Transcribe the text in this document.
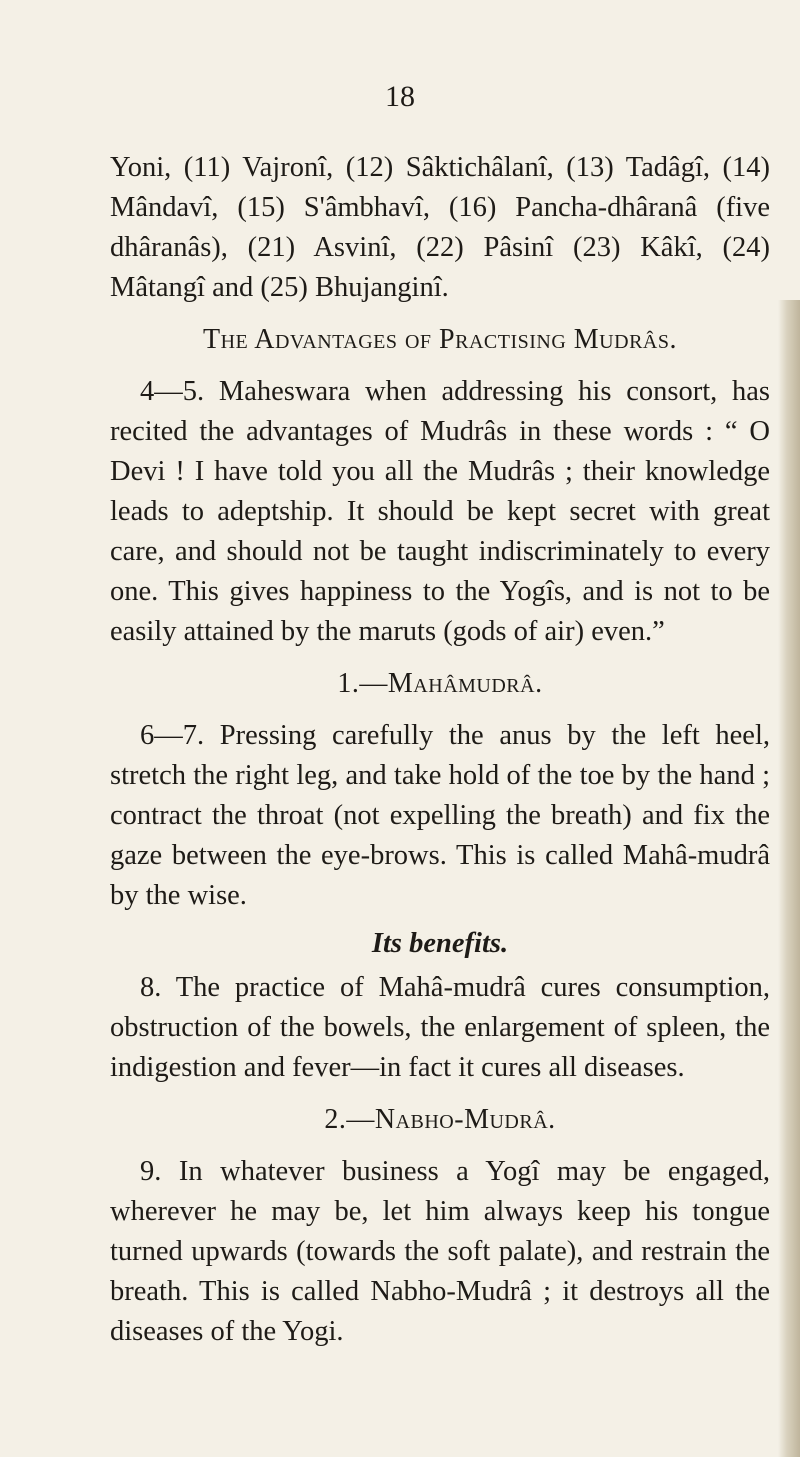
18

Yoni, (11) Vajronî, (12) Sâktichâlanî, (13) Tadâgî, (14) Mândavî, (15) S'âmbhavî, (16) Pancha-dhâranâ (five dhâranâs), (21) Asvinî, (22) Pâsinî (23) Kâkî, (24) Mâtangî and (25) Bhujanginî.

The Advantages of Practising Mudrâs.

4—5. Maheswara when addressing his consort, has recited the advantages of Mudrâs in these words : “ O Devi ! I have told you all the Mudrâs ; their knowledge leads to adeptship. It should be kept secret with great care, and should not be taught indiscriminately to every one. This gives happiness to the Yogîs, and is not to be easily attained by the maruts (gods of air) even.”

1.—Mahâmudrâ.

6—7. Pressing carefully the anus by the left heel, stretch the right leg, and take hold of the toe by the hand ; contract the throat (not expelling the breath) and fix the gaze between the eye-brows. This is called Mahâ-mudrâ by the wise.

Its benefits.

8. The practice of Mahâ-mudrâ cures consumption, obstruction of the bowels, the enlargement of spleen, the indigestion and fever—in fact it cures all diseases.

2.—Nabho-Mudrâ.

9. In whatever business a Yogî may be engaged, wherever he may be, let him always keep his tongue turned upwards (towards the soft palate), and restrain the breath. This is called Nabho-Mudrâ ; it destroys all the diseases of the Yogi.
